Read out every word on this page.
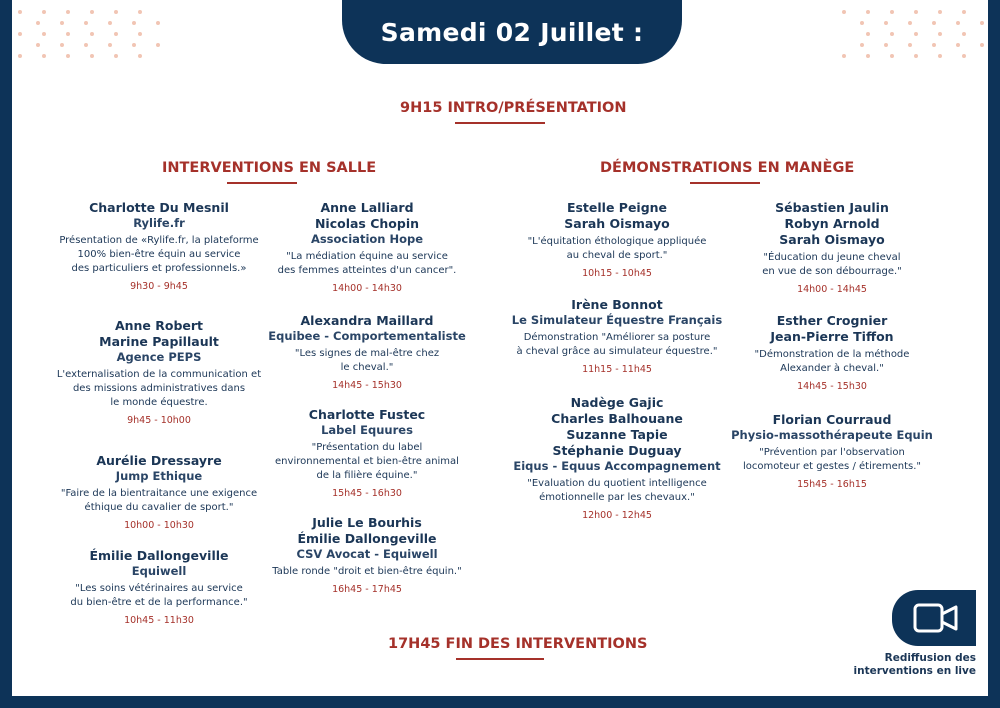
Samedi 02 Juillet :
9H15 INTRO/PRÉSENTATION
INTERVENTIONS EN SALLE	DÉMONSTRATIONS EN MANÈGE
Charlotte Du Mesnil
Rylife.fr
Présentation de «Rylife.fr, la plateforme
100% bien-être équin au service
des particuliers et professionnels.»
9h30 - 9h45
Anne Robert
Marine Papillault
Agence PEPS
L'externalisation de la communication et
des missions administratives dans
le monde équestre.
9h45 - 10h00
Aurélie Dressayre
Jump Ethique
"Faire de la bientraitance une exigence
éthique du cavalier de sport."
10h00 - 10h30
Émilie Dallongeville
Equiwell
"Les soins vétérinaires au service
du bien-être et de la performance."
10h45 - 11h30
Anne Lalliard
Nicolas Chopin
Association Hope
"La médiation équine au service
des femmes atteintes d'un cancer".
14h00 - 14h30
Alexandra Maillard
Equibee - Comportementaliste
"Les signes de mal-être chez
le cheval."
14h45 - 15h30
Charlotte Fustec
Label Equures
"Présentation du label
environnemental et bien-être animal
de la filière équine."
15h45 - 16h30
Julie Le Bourhis
Émilie Dallongeville
CSV Avocat - Equiwell
Table ronde "droit et bien-être équin."
16h45 - 17h45
Estelle Peigne
Sarah Oismayo
"L'équitation éthologique appliquée
au cheval de sport."
10h15 - 10h45
Irène Bonnot
Le Simulateur Équestre Français
Démonstration "Améliorer sa posture
à cheval grâce au simulateur équestre."
11h15 - 11h45
Nadège Gajic
Charles Balhouane
Suzanne Tapie
Stéphanie Duguay
Eiqus - Equus Accompagnement
"Evaluation du quotient intelligence
émotionnelle par les chevaux."
12h00 - 12h45
Sébastien Jaulin
Robyn Arnold
Sarah Oismayo
"Éducation du jeune cheval
en vue de son débourrage."
14h00 - 14h45
Esther Crognier
Jean-Pierre Tiffon
"Démonstration de la méthode
Alexander à cheval."
14h45 - 15h30
Florian Courraud
Physio-massothérapeute Equin
"Prévention par l'observation
locomoteur et gestes / étirements."
15h45 - 16h15
17H45 FIN DES INTERVENTIONS
Rediffusion des
interventions en live
